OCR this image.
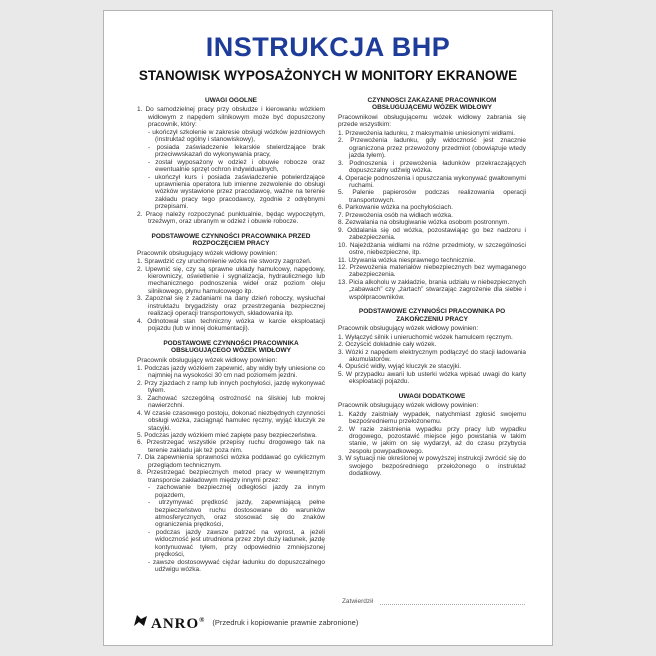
INSTRUKCJA BHP
STANOWISK WYPOSAŻONYCH W MONITORY EKRANOWE
UWAGI OGÓLNE
1. Do samodzielnej pracy przy obsłudze i kierowaniu wózkiem widłowym z napędem silnikowym może być dopuszczony pracownik, który:
- ukończył szkolenie w zakresie obsługi wózków jezdniowych (instruktaż ogólny i stanowiskowy),
- posiada zaświadczenie lekarskie stwierdzające brak przeciwwskazań do wykonywania pracy,
- został wyposażony w odzież i obuwie robocze oraz ewentualnie sprzęt ochron indywidualnych,
- ukończył kurs i posiada zaświadczenie potwierdzające uprawnienia operatora lub imienne zezwolenie do obsługi wózków wystawione przez pracodawcę, ważne na terenie zakładu pracy tego pracodawcy, zgodnie z odrębnymi przepisami.
2. Pracę należy rozpoczynać punktualnie, będąc wypoczętym, trzeźwym, oraz ubranym w odzież i obuwie robocze.
PODSTAWOWE CZYNNOŚCI PRACOWNIKA PRZED ROZPOCZĘCIEM PRACY
Pracownik obsługujący wózek widłowy powinien:
1. Sprawdzić czy uruchomienie wózka nie stworzy zagrożeń.
2. Upewnić się, czy są sprawne układy hamulcowy, napędowy, kierowniczy, oświetlenie i sygnalizacja, hydraulicznego lub mechanicznego podnoszenia wideł oraz poziom oleju silnikowego, płynu hamulcowego itp.
3. Zapoznał się z zadaniami na dany dzień roboczy, wysłuchał instruktażu brygadzisty oraz przestrzegania bezpiecznej realizacji operacji transportowych, składowania itp.
4. Odnotował stan techniczny wózka w karcie eksploatacji pojazdu (lub w innej dokumentacji).
PODSTAWOWE CZYNNOŚCI PRACOWNIKA OBSŁUGUJĄCEGO WÓZEK WIDŁOWY
Pracownik obsługujący wózek widłowy powinien:
1. Podczas jazdy wózkiem zapewnić, aby widły były uniesione co najmniej na wysokości 30 cm nad poziomem jezdni.
2. Przy zjazdach z ramp lub innych pochyłości, jazdę wykonywać tyłem.
3. Zachować szczególną ostrożność na śliskiej lub mokrej nawierzchni.
4. W czasie czasowego postoju, dokonać niezbędnych czynności obsługi wózka, zaciągnąć hamulec ręczny, wyjąć kluczyk ze stacyjki.
5. Podczas jazdy wózkiem mieć zapięte pasy bezpieczeństwa.
6. Przestrzegać wszystkie przepisy ruchu drogowego tak na terenie zakładu jak też poza nim.
7. Dla zapewnienia sprawności wózka poddawać go cyklicznym przeglądom technicznym.
8. Przestrzegać bezpiecznych metod pracy w wewnętrznym transporcie zakładowym między innymi przez:
- zachowanie bezpiecznej odległości jazdy za innym pojazdem,
- utrzymywać prędkość jazdy, zapewniającą pełne bezpieczeństwo ruchu dostosowane do warunków atmosferycznych, oraz stosować się do znaków ograniczenia prędkości,
- podczas jazdy zawsze patrzeć na wprost, a jeżeli widoczność jest utrudniona przez zbyt duży ładunek, jazdę kontynuować tyłem, przy odpowiednio zmniejszonej prędkości,
- zawsze dostosowywać ciężar ładunku do dopuszczalnego udźwigu wózka.
CZYNNOŚCI ZAKAZANE PRACOWNIKOM OBSŁUGUJĄCEMU WÓZEK WIDŁOWY
Pracownikowi obsługującemu wózek widłowy zabrania się przede wszystkim:
1. Przewożenia ładunku, z maksymalnie uniesionymi widłami.
2. Przewożenia ładunku, gdy widoczność jest znacznie ograniczona przez przewożony przedmiot (obowiązuje wtedy jazda tyłem).
3. Podnoszenia i przewożenia ładunków przekraczających dopuszczalny udźwig wózka.
4. Operacje podnoszenia i opuszczania wykonywać gwałtownymi ruchami.
5. Palenie papierosów podczas realizowania operacji transportowych.
6. Parkowanie wózka na pochyłościach.
7. Przewożenia osób na widłach wózka.
8. Zezwalania na obsługiwanie wózka osobom postronnym.
9. Oddalania się od wózka, pozostawiając go bez nadzoru i zabezpieczenia.
10. Najeżdżania widłami na różne przedmioty, w szczególności ostre, niebezpieczne, itp.
11. Używania wózka niesprawnego technicznie.
12. Przewożenia materiałów niebezpiecznych bez wymaganego zabezpieczenia.
13. Picia alkoholu w zakładzie, brania udziału w niebezpiecznych „zabawach” czy „żartach” stwarzając zagrożenie dla siebie i współpracowników.
PODSTAWOWE CZYNNOŚCI PRACOWNIKA PO ZAKOŃCZENIU PRACY
Pracownik obsługujący wózek widłowy powinien:
1. Wyłączyć silnik i unieruchomić wózek hamulcem ręcznym.
2. Oczyścić dokładnie cały wózek.
3. Wózki z napędem elektrycznym podłączyć do stacji ładowania akumulatorów.
4. Opuścić widły, wyjąć kluczyk ze stacyjki.
5. W przypadku awarii lub usterki wózka wpisać uwagi do karty eksploatacji pojazdu.
UWAGI DODATKOWE
Pracownik obsługujący wózek widłowy powinien:
1. Każdy zaistniały wypadek, natychmiast zgłosić swojemu bezpośredniemu przełożonemu.
2. W razie zaistnienia wypadku przy pracy lub wypadku drogowego, pozostawić miejsce jego powstania w takim stanie, w jakim on się wydarzył, aż do czasu przybycia zespołu powypadkowego.
3. W sytuacji nie określonej w powyższej instrukcji zwrócić się do swojego bezpośredniego przełożonego o instruktaż dodatkowy.
ANRO® (Przedruk i kopiowanie prawnie zabronione)
Zatwierdził
